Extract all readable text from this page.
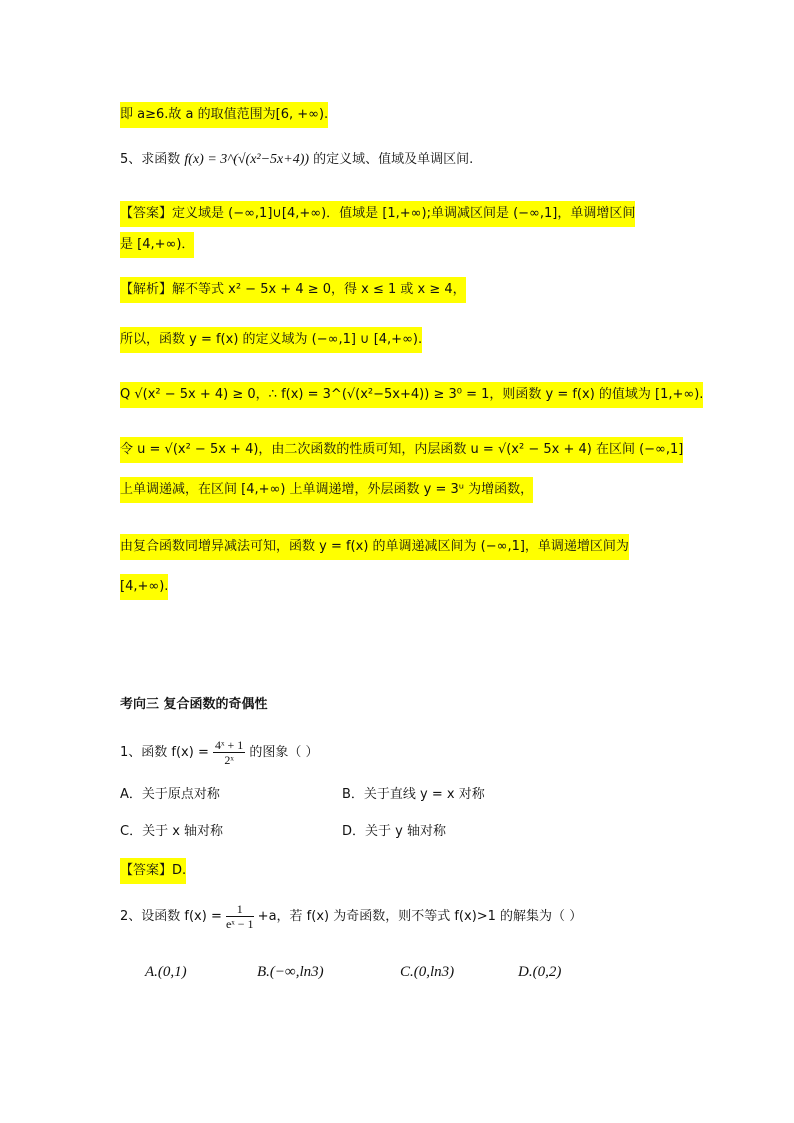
即 a≥6.故 a 的取值范围为[6, +∞).
5、求函数 f(x) = 3^(√(x²−5x+4)) 的定义域、值域及单调区间.
【答案】定义域是 (−∞,1]∪[4,+∞)．值域是 [1,+∞);单调减区间是 (−∞,1]，单调增区间
是 [4,+∞)．
【解析】解不等式 x² − 5x + 4 ≥ 0，得 x ≤ 1 或 x ≥ 4，
所以，函数 y = f(x) 的定义域为 (−∞,1] ∪ [4,+∞).
Q √(x² − 5x + 4) ≥ 0，∴ f(x) = 3^(√(x²−5x+4)) ≥ 3⁰ = 1，则函数 y = f(x) 的值域为 [1,+∞).
令 u = √(x² − 5x + 4)，由二次函数的性质可知，内层函数 u = √(x² − 5x + 4) 在区间 (−∞,1]
上单调递减，在区间 [4,+∞) 上单调递增，外层函数 y = 3ᵘ 为增函数，
由复合函数同增异减法可知，函数 y = f(x) 的单调递减区间为 (−∞,1]，单调递增区间为
[4,+∞).
考向三 复合函数的奇偶性
1、函数 $f(x) = \frac{\text{4ˣ + 1}}{\text{2ˣ}}$ 的图象（ ）
A．关于原点对称	B．关于直线 y = x 对称
C．关于 x 轴对称	D．关于 y 轴对称
【答案】D.
2、设函数 $f(x) = \frac{1}{\text{eˣ − 1}} +a$，若 f(x) 为奇函数，则不等式 f(x)>1 的解集为（ ）
A.(0,1)	B.(−∞,ln3)	C.(0,ln3)	D.(0,2)
